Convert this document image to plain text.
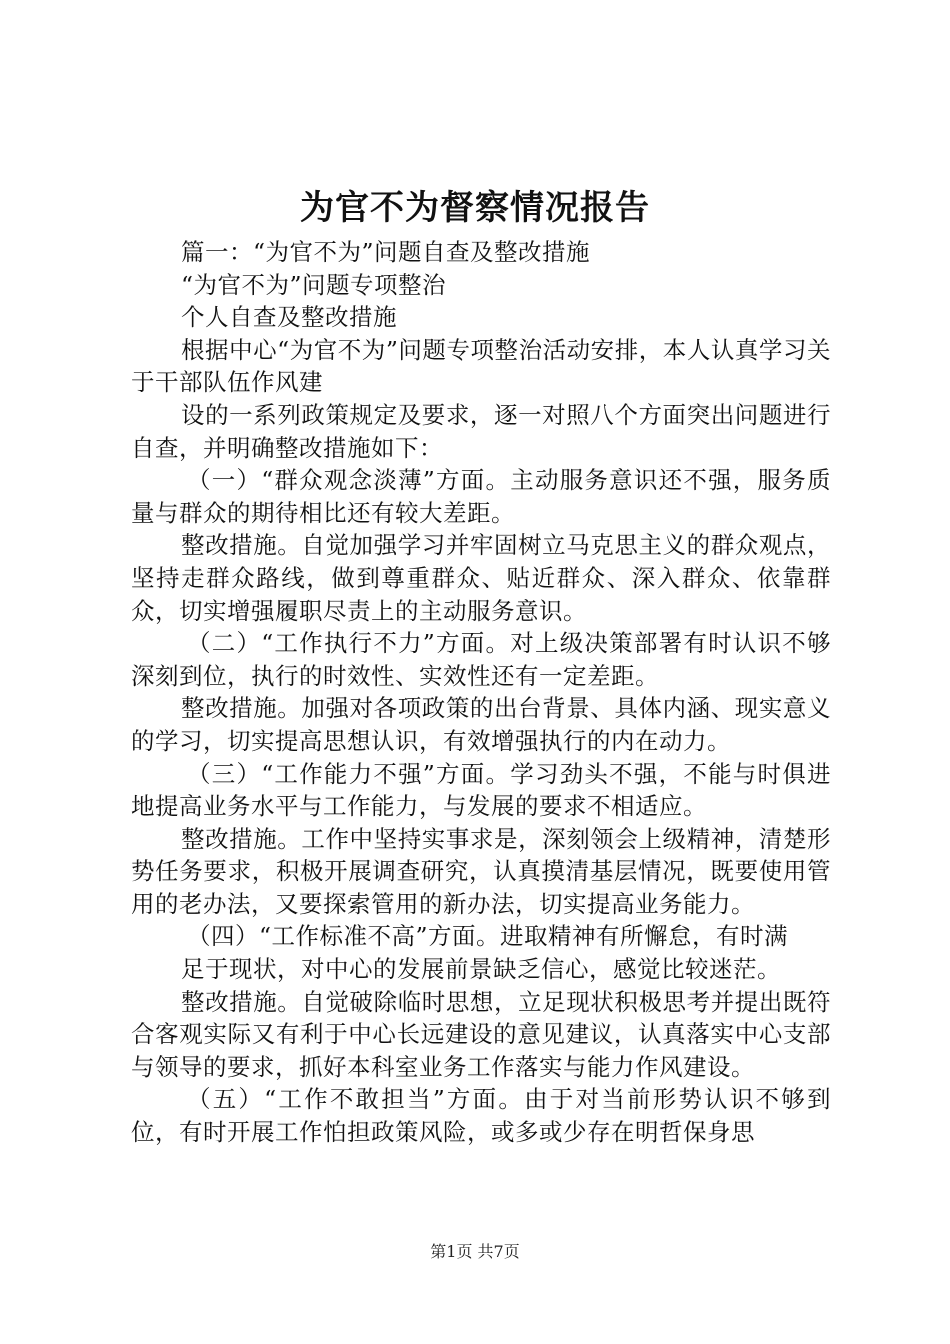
为官不为督察情况报告

篇一：“为官不为”问题自查及整改措施

“为官不为”问题专项整治

个人自查及整改措施

根据中心“为官不为”问题专项整治活动安排，本人认真学习关于干部队伍作风建

设的一系列政策规定及要求，逐一对照八个方面突出问题进行自查，并明确整改措施如下：

（一）“群众观念淡薄”方面。主动服务意识还不强，服务质量与群众的期待相比还有较大差距。

整改措施。自觉加强学习并牢固树立马克思主义的群众观点，坚持走群众路线，做到尊重群众、贴近群众、深入群众、依靠群众，切实增强履职尽责上的主动服务意识。

（二）“工作执行不力”方面。对上级决策部署有时认识不够深刻到位，执行的时效性、实效性还有一定差距。

整改措施。加强对各项政策的出台背景、具体内涵、现实意义的学习，切实提高思想认识，有效增强执行的内在动力。

（三）“工作能力不强”方面。学习劲头不强，不能与时俱进地提高业务水平与工作能力，与发展的要求不相适应。

整改措施。工作中坚持实事求是，深刻领会上级精神，清楚形势任务要求，积极开展调查研究，认真摸清基层情况，既要使用管用的老办法，又要探索管用的新办法，切实提高业务能力。

（四）“工作标准不高”方面。进取精神有所懈怠，有时满

足于现状，对中心的发展前景缺乏信心，感觉比较迷茫。

整改措施。自觉破除临时思想，立足现状积极思考并提出既符合客观实际又有利于中心长远建设的意见建议，认真落实中心支部与领导的要求，抓好本科室业务工作落实与能力作风建设。

（五）“工作不敢担当”方面。由于对当前形势认识不够到位，有时开展工作怕担政策风险，或多或少存在明哲保身思

第1页 共7页
